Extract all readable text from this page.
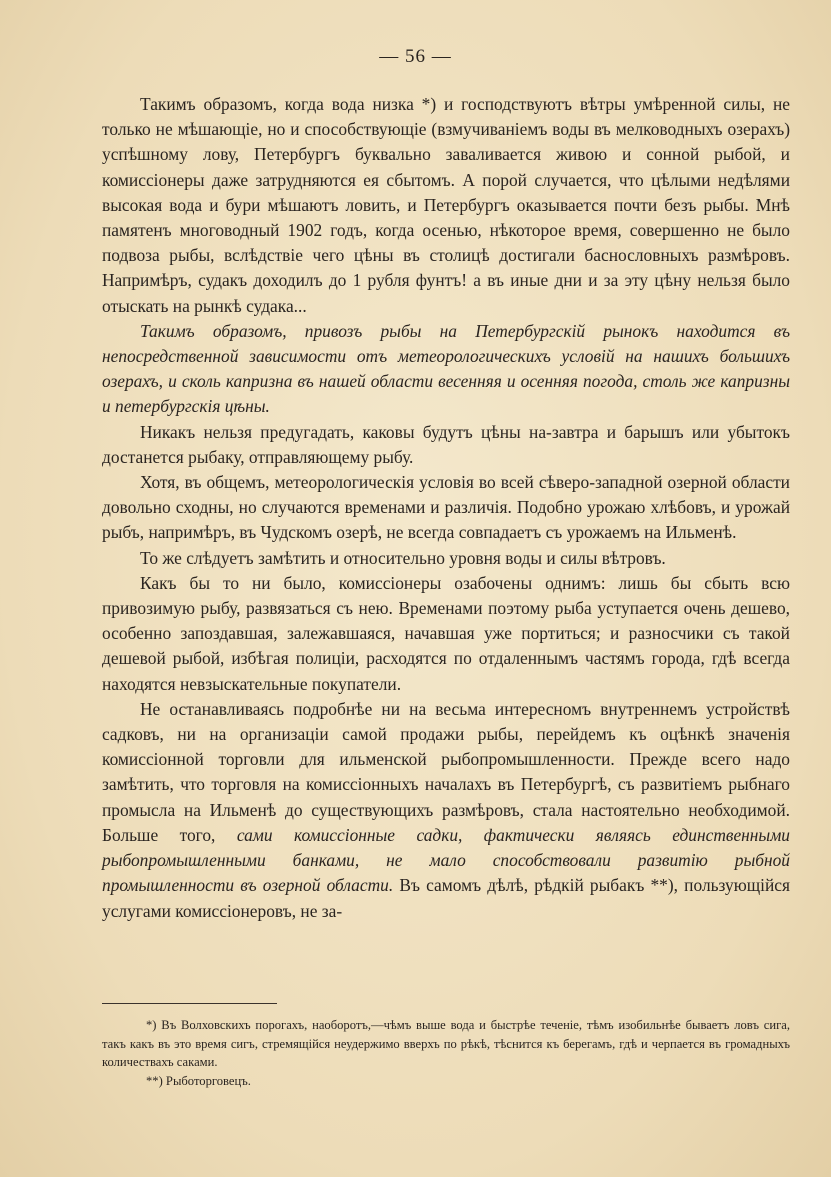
— 56 —

Такимъ образомъ, когда вода низка *) и господствуютъ вѣтры умѣренной силы, не только не мѣшающіе, но и способствующіе (взмучиваніемъ воды въ мелководныхъ озерахъ) успѣшному лову, Петербургъ буквально заваливается живою и сонной рыбой, и комиссіонеры даже затрудняются ея сбытомъ. А порой случается, что цѣлыми недѣлями высокая вода и бури мѣшаютъ ловить, и Петербургъ оказывается почти безъ рыбы. Мнѣ памятенъ многоводный 1902 годъ, когда осенью, нѣкоторое время, совершенно не было подвоза рыбы, вслѣдствіе чего цѣны въ столицѣ достигали баснословныхъ размѣровъ. Напримѣръ, судакъ доходилъ до 1 рубля фунтъ! а въ иные дни и за эту цѣну нельзя было отыскать на рынкѣ судака...

Такимъ образомъ, привозъ рыбы на Петербургскій рынокъ находится въ непосредственной зависимости отъ метеорологическихъ условій на нашихъ большихъ озерахъ, и сколь капризна въ нашей области весенняя и осенняя погода, столь же капризны и петербургскія цѣны.

Никакъ нельзя предугадать, каковы будутъ цѣны на-завтра и барышъ или убытокъ достанется рыбаку, отправляющему рыбу.

Хотя, въ общемъ, метеорологическія условія во всей сѣверо-западной озерной области довольно сходны, но случаются временами и различія. Подобно урожаю хлѣбовъ, и урожай рыбъ, напримѣръ, въ Чудскомъ озерѣ, не всегда совпадаетъ съ урожаемъ на Ильменѣ.

То же слѣдуетъ замѣтить и относительно уровня воды и силы вѣтровъ.

Какъ бы то ни было, комиссіонеры озабочены однимъ: лишь бы сбыть всю привозимую рыбу, развязаться съ нею. Временами поэтому рыба уступается очень дешево, особенно запоздавшая, залежавшаяся, начавшая уже портиться; и разносчики съ такой дешевой рыбой, избѣгая полиціи, расходятся по отдаленнымъ частямъ города, гдѣ всегда находятся невзыскательные покупатели.

Не останавливаясь подробнѣе ни на весьма интересномъ внутреннемъ устройствѣ садковъ, ни на организаціи самой продажи рыбы, перейдемъ къ оцѣнкѣ значенія комиссіонной торговли для ильменской рыбопромышленности. Прежде всего надо замѣтить, что торговля на комиссіонныхъ началахъ въ Петербургѣ, съ развитіемъ рыбнаго промысла на Ильменѣ до существующихъ размѣровъ, стала настоятельно необходимой. Больше того, сами комиссіонные садки, фактически являясь единственными рыбопромышленными банками, не мало способствовали развитію рыбной промышленности въ озерной области. Въ самомъ дѣлѣ, рѣдкій рыбакъ **), пользующійся услугами комиссіонеровъ, не за-

*) Въ Волховскихъ порогахъ, наоборотъ,—чѣмъ выше вода и быстрѣе теченіе, тѣмъ изобильнѣе бываетъ ловъ сига, такъ какъ въ это время сигъ, стремящійся неудержимо вверхъ по рѣкѣ, тѣснится къ берегамъ, гдѣ и черпается въ громадныхъ количествахъ саками.

**) Рыботорговецъ.
